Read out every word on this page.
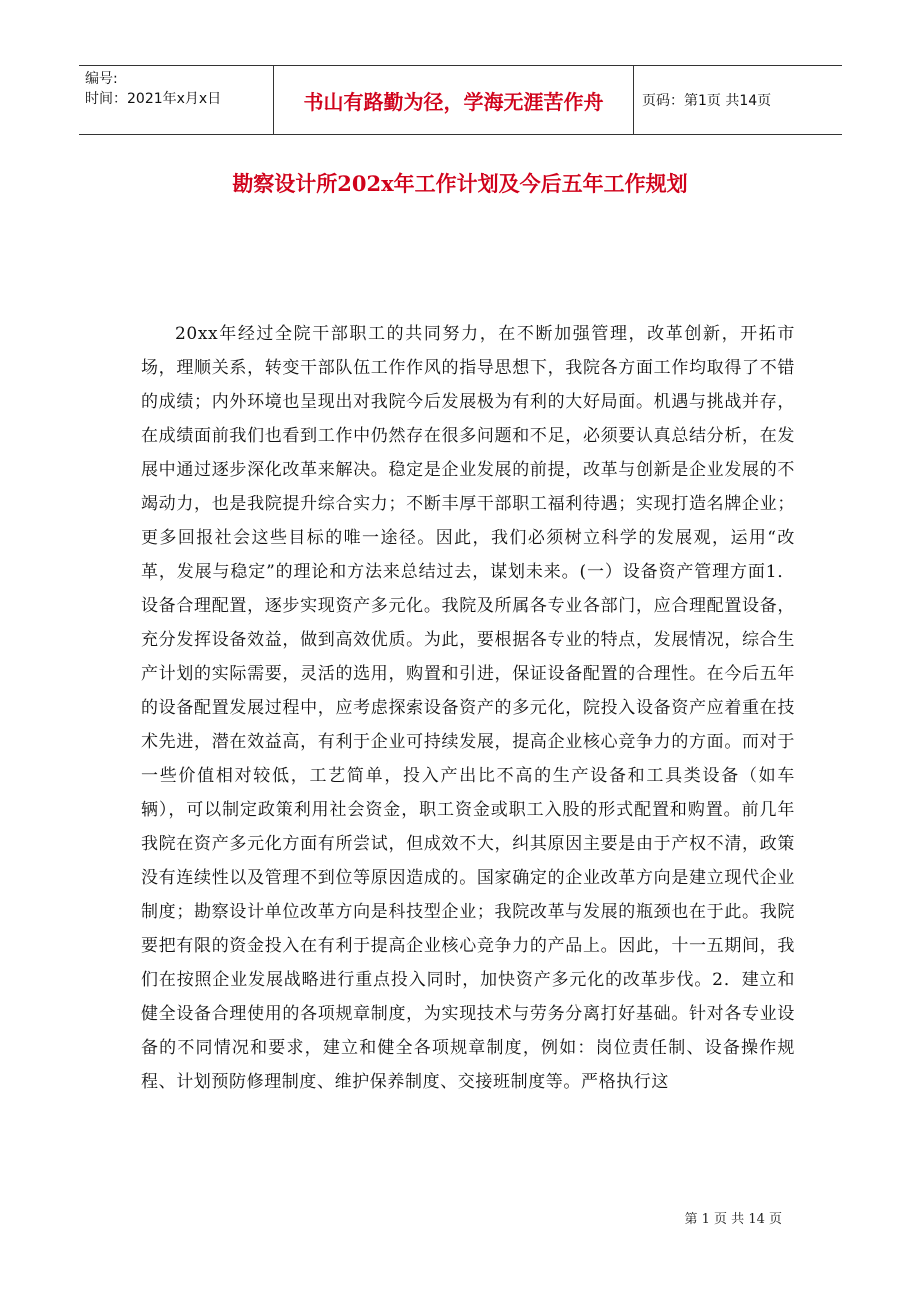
编号:
时间：2021年x月x日	书山有路勤为径，学海无涯苦作舟	页码：第1页 共14页
勘察设计所202x年工作计划及今后五年工作规划

20xx年经过全院干部职工的共同努力，在不断加强管理，改革创新，开拓市场，理顺关系，转变干部队伍工作作风的指导思想下，我院各方面工作均取得了不错的成绩；内外环境也呈现出对我院今后发展极为有利的大好局面。机遇与挑战并存，在成绩面前我们也看到工作中仍然存在很多问题和不足，必须要认真总结分析，在发展中通过逐步深化改革来解决。稳定是企业发展的前提，改革与创新是企业发展的不竭动力，也是我院提升综合实力；不断丰厚干部职工福利待遇；实现打造名牌企业；更多回报社会这些目标的唯一途径。因此，我们必须树立科学的发展观，运用“改革，发展与稳定”的理论和方法来总结过去，谋划未来。(一）设备资产管理方面1．设备合理配置，逐步实现资产多元化。我院及所属各专业各部门，应合理配置设备，充分发挥设备效益，做到高效优质。为此，要根据各专业的特点，发展情况，综合生产计划的实际需要，灵活的选用，购置和引进，保证设备配置的合理性。在今后五年的设备配置发展过程中，应考虑探索设备资产的多元化，院投入设备资产应着重在技术先进，潜在效益高，有利于企业可持续发展，提高企业核心竞争力的方面。而对于一些价值相对较低，工艺简单，投入产出比不高的生产设备和工具类设备（如车辆），可以制定政策利用社会资金，职工资金或职工入股的形式配置和购置。前几年我院在资产多元化方面有所尝试，但成效不大，纠其原因主要是由于产权不清，政策没有连续性以及管理不到位等原因造成的。国家确定的企业改革方向是建立现代企业制度；勘察设计单位改革方向是科技型企业；我院改革与发展的瓶颈也在于此。我院要把有限的资金投入在有利于提高企业核心竞争力的产品上。因此，十一五期间，我们在按照企业发展战略进行重点投入同时，加快资产多元化的改革步伐。2．建立和健全设备合理使用的各项规章制度，为实现技术与劳务分离打好基础。针对各专业设备的不同情况和要求，建立和健全各项规章制度，例如：岗位责任制、设备操作规程、计划预防修理制度、维护保养制度、交接班制度等。严格执行这

第 1 页 共 14 页
